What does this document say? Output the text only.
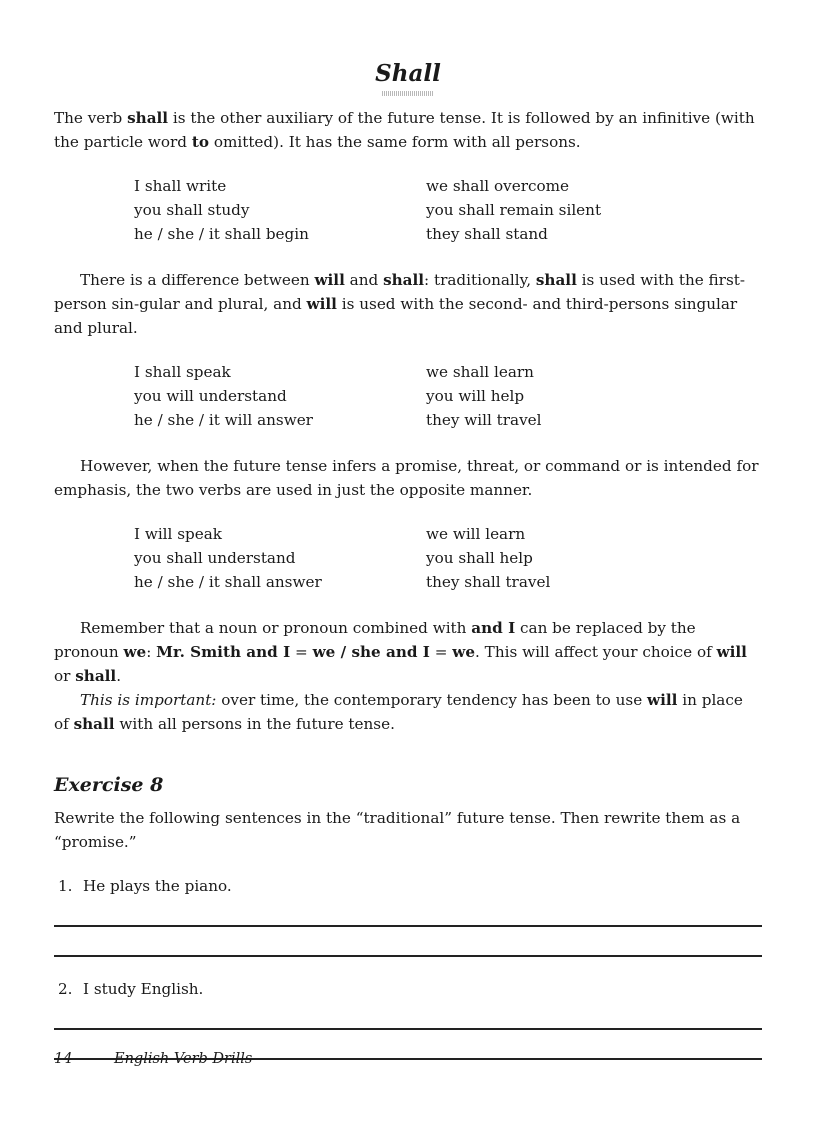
Shall

The verb shall is the other auxiliary of the future tense. It is followed by an infinitive (with the particle word to omitted). It has the same form with all persons.

I shall write	we shall overcome
you shall study	you shall remain silent
he / she / it shall begin	they shall stand

There is a difference between will and shall: traditionally, shall is used with the first-person sin-gular and plural, and will is used with the second- and third-persons singular and plural.

I shall speak	we shall learn
you will understand	you will help
he / she / it will answer	they will travel

However, when the future tense infers a promise, threat, or command or is intended for emphasis, the two verbs are used in just the opposite manner.

I will speak	we will learn
you shall understand	you shall help
he / she / it shall answer	they shall travel

Remember that a noun or pronoun combined with and I can be replaced by the pronoun we: Mr. Smith and I = we / she and I = we. This will affect your choice of will or shall.

This is important: over time, the contemporary tendency has been to use will in place of shall with all persons in the future tense.

Exercise 8

Rewrite the following sentences in the “traditional” future tense. Then rewrite them as a “promise.”

1. He plays the piano.
2. I study English.
14	English Verb Drills
